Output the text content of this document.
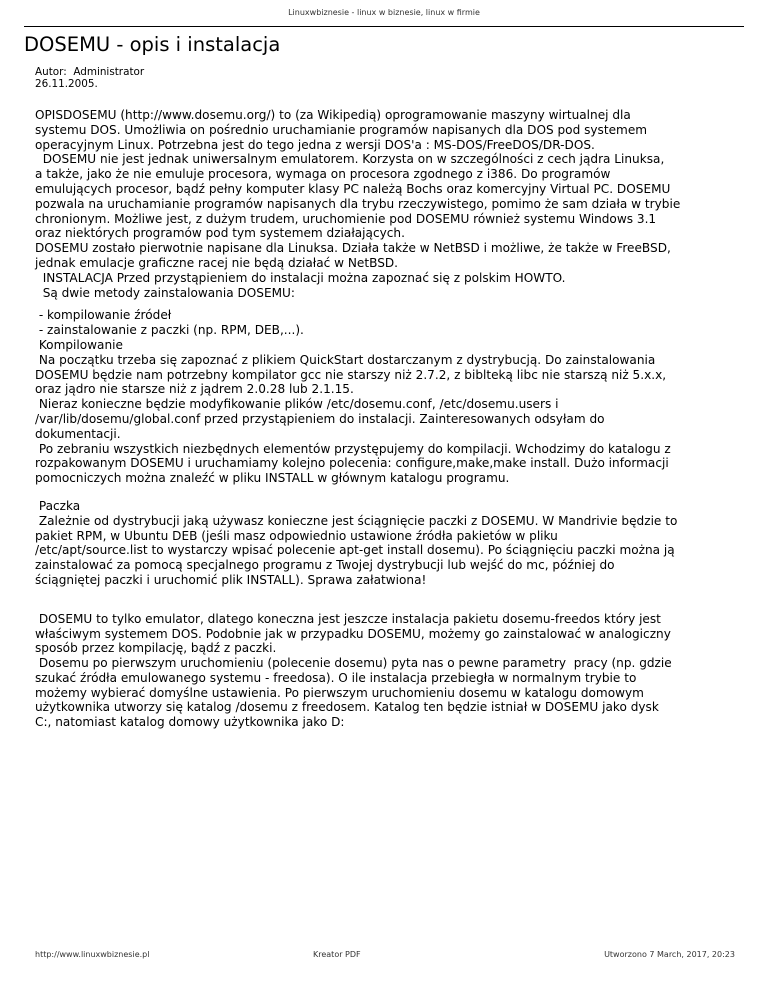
Linuxwbiznesie - linux w biznesie, linux w firmie
DOSEMU - opis i instalacja
Autor:  Administrator
26.11.2005.

OPISDOSEMU (http://www.dosemu.org/) to (za Wikipedią) oprogramowanie maszyny wirtualnej dla

systemu DOS. Umożliwia on pośrednio uruchamianie programów napisanych dla DOS pod systemem

operacyjnym Linux. Potrzebna jest do tego jedna z wersji DOS'a : MS-DOS/FreeDOS/DR-DOS.

DOSEMU nie jest jednak uniwersalnym emulatorem. Korzysta on w szczególności z cech jądra Linuksa,

a także, jako że nie emuluje procesora, wymaga on procesora zgodnego z i386. Do programów

emulujących procesor, bądź pełny komputer klasy PC należą Bochs oraz komercyjny Virtual PC. DOSEMU

pozwala na uruchamianie programów napisanych dla trybu rzeczywistego, pomimo że sam działa w trybie

chronionym. Możliwe jest, z dużym trudem, uruchomienie pod DOSEMU również systemu Windows 3.1

oraz niektórych programów pod tym systemem działających.

DOSEMU zostało pierwotnie napisane dla Linuksa. Działa także w NetBSD i możliwe, że także w FreeBSD,

jednak emulacje graficzne racej nie będą działać w NetBSD.

INSTALACJA Przed przystąpieniem do instalacji można zapoznać się z polskim HOWTO.

Są dwie metody zainstalowania DOSEMU:

- kompilowanie źródeł

- zainstalowanie z paczki (np. RPM, DEB,...).

Kompilowanie

Na początku trzeba się zapoznać z plikiem QuickStart dostarczanym z dystrybucją. Do zainstalowania

DOSEMU będzie nam potrzebny kompilator gcc nie starszy niż 2.7.2, z biblteką libc nie starszą niż 5.x.x,

oraz jądro nie starsze niż z jądrem 2.0.28 lub 2.1.15.

Nieraz konieczne będzie modyfikowanie plików /etc/dosemu.conf, /etc/dosemu.users i

/var/lib/dosemu/global.conf przed przystąpieniem do instalacji. Zainteresowanych odsyłam do

dokumentacji.

Po zebraniu wszystkich niezbędnych elementów przystępujemy do kompilacji. Wchodzimy do katalogu z

rozpakowanym DOSEMU i uruchamiamy kolejno polecenia: configure,make,make install. Dużo informacji

pomocniczych można znaleźć w pliku INSTALL w głównym katalogu programu.

Paczka

Zależnie od dystrybucji jaką używasz konieczne jest ściągnięcie paczki z DOSEMU. W Mandrivie będzie to

pakiet RPM, w Ubuntu DEB (jeśli masz odpowiednio ustawione źródła pakietów w pliku

/etc/apt/source.list to wystarczy wpisać polecenie apt-get install dosemu). Po ściągnięciu paczki można ją

zainstalować za pomocą specjalnego programu z Twojej dystrybucji lub wejść do mc, później do

ściągniętej paczki i uruchomić plik INSTALL). Sprawa załatwiona!

DOSEMU to tylko emulator, dlatego koneczna jest jeszcze instalacja pakietu dosemu-freedos który jest

właściwym systemem DOS. Podobnie jak w przypadku DOSEMU, możemy go zainstalować w analogiczny

sposób przez kompilację, bądź z paczki.

Dosemu po pierwszym uruchomieniu (polecenie dosemu) pyta nas o pewne parametry  pracy (np. gdzie

szukać źródła emulowanego systemu - freedosa). O ile instalacja przebiegła w normalnym trybie to

możemy wybierać domyślne ustawienia. Po pierwszym uruchomieniu dosemu w katalogu domowym

użytkownika utworzy się katalog /dosemu z freedosem. Katalog ten będzie istniał w DOSEMU jako dysk

C:, natomiast katalog domowy użytkownika jako D:

http://www.linuxwbiznesie.pl	Kreator PDF	Utworzono 7 March, 2017, 20:23
